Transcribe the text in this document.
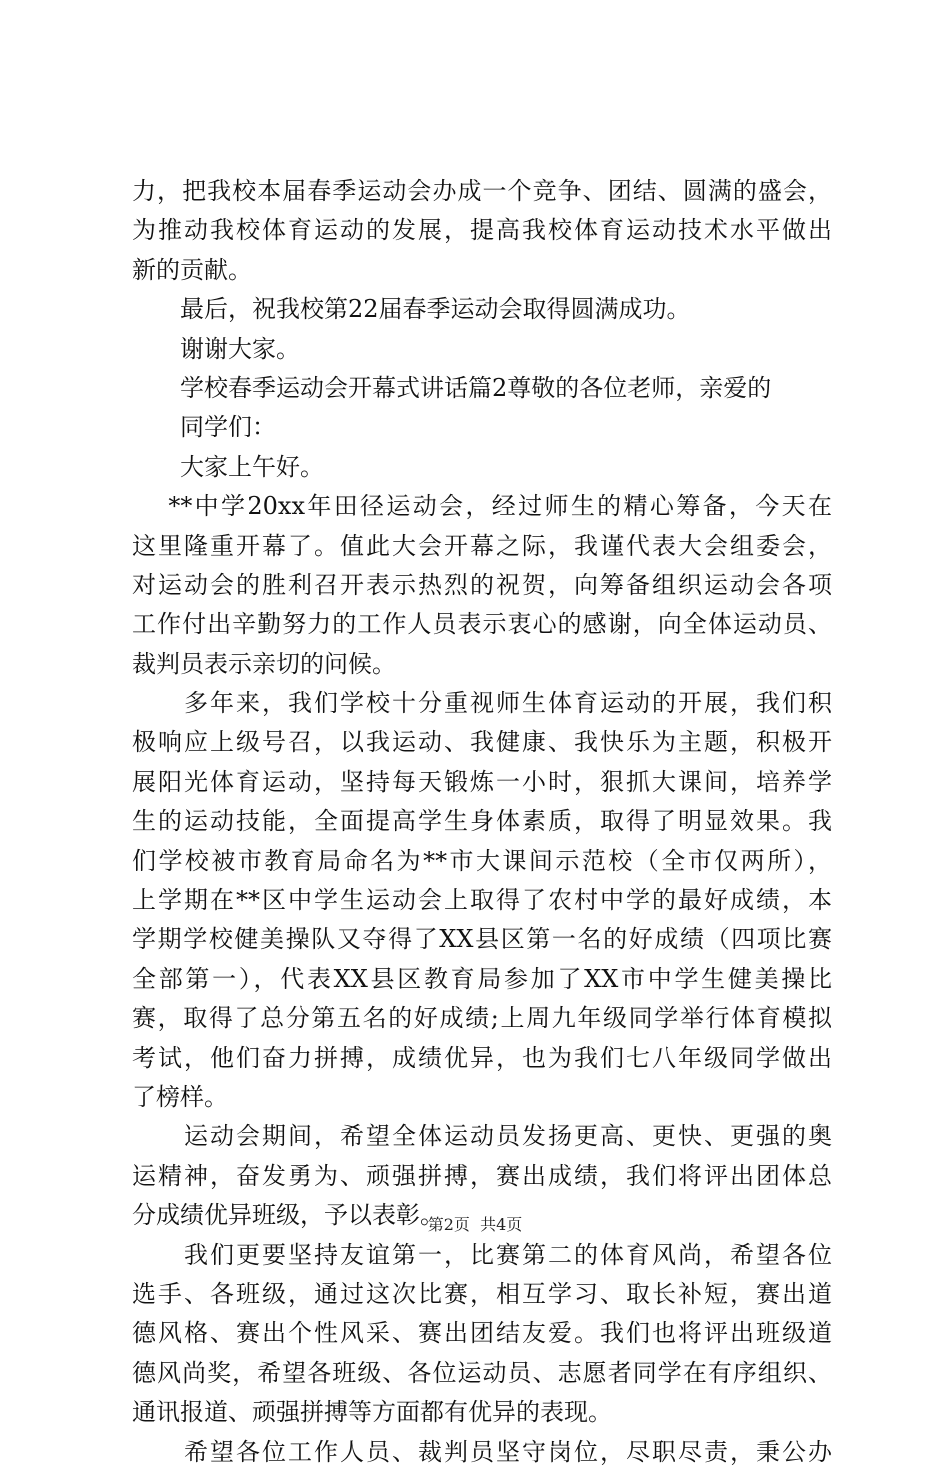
力，把我校本届春季运动会办成一个竞争、团结、圆满的盛会，
为推动我校体育运动的发展，提高我校体育运动技术水平做出
新的贡献。
　　最后，祝我校第22届春季运动会取得圆满成功。
　　谢谢大家。
　　学校春季运动会开幕式讲话篇2尊敬的各位老师，亲爱的
　　同学们：
　　大家上午好。
　 **中学20xx年田径运动会，经过师生的精心筹备，今天在
这里隆重开幕了。值此大会开幕之际，我谨代表大会组委会，
对运动会的胜利召开表示热烈的祝贺，向筹备组织运动会各项
工作付出辛勤努力的工作人员表示衷心的感谢，向全体运动员、
裁判员表示亲切的问候。
　　多年来，我们学校十分重视师生体育运动的开展，我们积
极响应上级号召，以我运动、我健康、我快乐为主题，积极开
展阳光体育运动，坚持每天锻炼一小时，狠抓大课间，培养学
生的运动技能，全面提高学生身体素质，取得了明显效果。我
们学校被市教育局命名为**市大课间示范校（全市仅两所），
上学期在**区中学生运动会上取得了农村中学的最好成绩，本
学期学校健美操队又夺得了XX县区第一名的好成绩（四项比赛
全部第一），代表XX县区教育局参加了XX市中学生健美操比
赛，取得了总分第五名的好成绩;上周九年级同学举行体育模拟
考试，他们奋力拼搏，成绩优异，也为我们七八年级同学做出
了榜样。
　　运动会期间，希望全体运动员发扬更高、更快、更强的奥
运精神，奋发勇为、顽强拼搏，赛出成绩，我们将评出团体总
分成绩优异班级，予以表彰。
　　我们更要坚持友谊第一，比赛第二的体育风尚，希望各位
选手、各班级，通过这次比赛，相互学习、取长补短，赛出道
德风格、赛出个性风采、赛出团结友爱。我们也将评出班级道
德风尚奖，希望各班级、各位运动员、志愿者同学在有序组织、
通讯报道、顽强拼搏等方面都有优异的表现。
　　希望各位工作人员、裁判员坚守岗位，尽职尽责，秉公办
第2页  共4页
